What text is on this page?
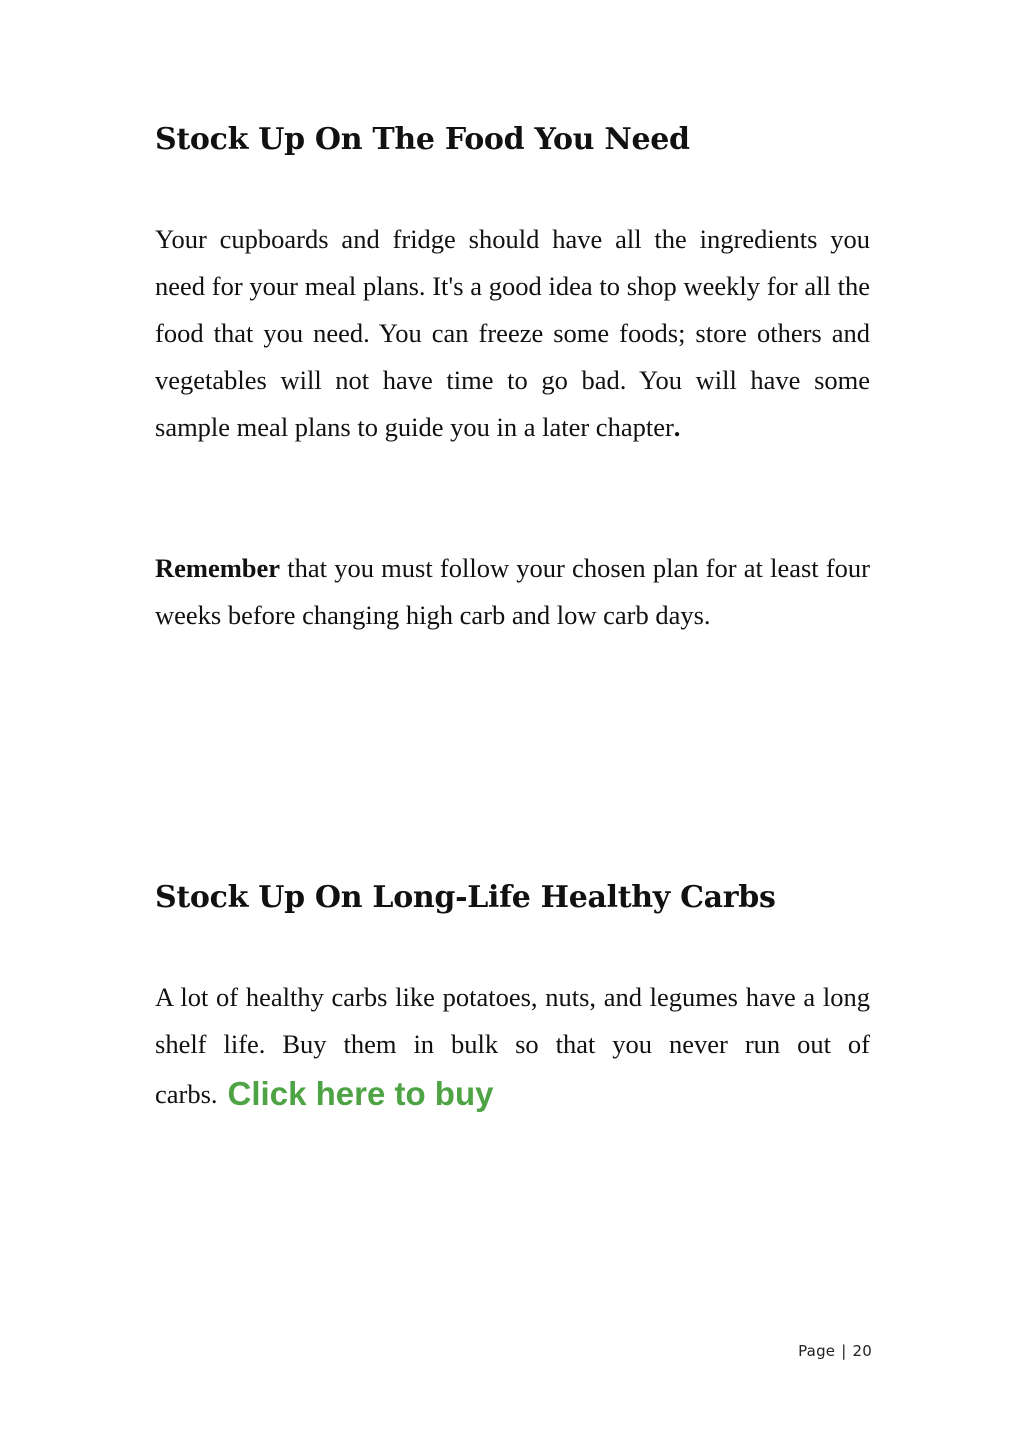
Stock Up On The Food You Need

Your cupboards and fridge should have all the ingredients you need for your meal plans. It's a good idea to shop weekly for all the food that you need. You can freeze some foods; store others and vegetables will not have time to go bad. You will have some sample meal plans to guide you in a later chapter.

Remember that you must follow your chosen plan for at least four weeks before changing high carb and low carb days.

Stock Up On Long-Life Healthy Carbs

A lot of healthy carbs like potatoes, nuts, and legumes have a long shelf life. Buy them in bulk so that you never run out of carbs. Click here to buy

Page | 20
